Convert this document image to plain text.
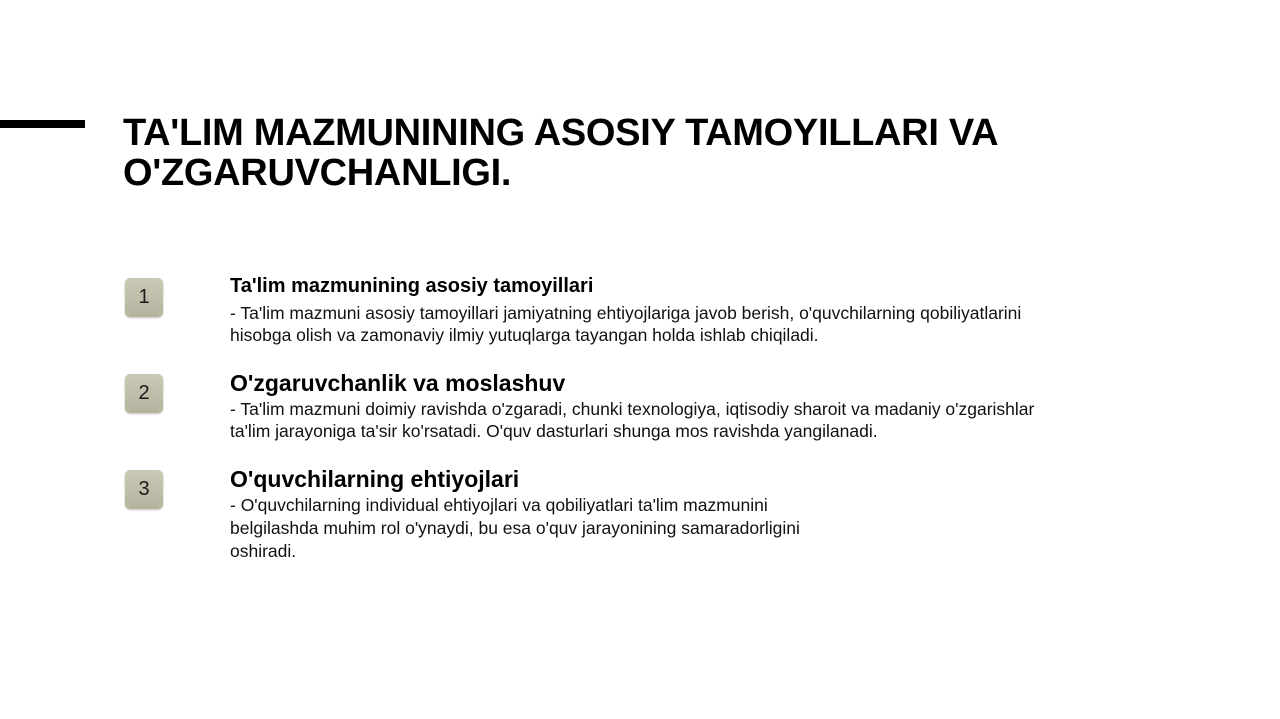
TA'LIM MAZMUNINING ASOSIY TAMOYILLARI VA
O'ZGARUVCHANLIGI.
1	Ta'lim mazmunining asosiy tamoyillari

- Ta'lim mazmuni asosiy tamoyillari jamiyatning ehtiyojlariga javob berish, o'quvchilarning qobiliyatlarini
hisobga olish va zamonaviy ilmiy yutuqlarga tayangan holda ishlab chiqiladi.

2	O'zgaruvchanlik va moslashuv

- Ta'lim mazmuni doimiy ravishda o'zgaradi, chunki texnologiya, iqtisodiy sharoit va madaniy o'zgarishlar
ta'lim jarayoniga ta'sir ko'rsatadi. O'quv dasturlari shunga mos ravishda yangilanadi.

3	O'quvchilarning ehtiyojlari

- O'quvchilarning individual ehtiyojlari va qobiliyatlari ta'lim mazmunini
belgilashda muhim rol o'ynaydi, bu esa o'quv jarayonining samaradorligini
oshiradi.
